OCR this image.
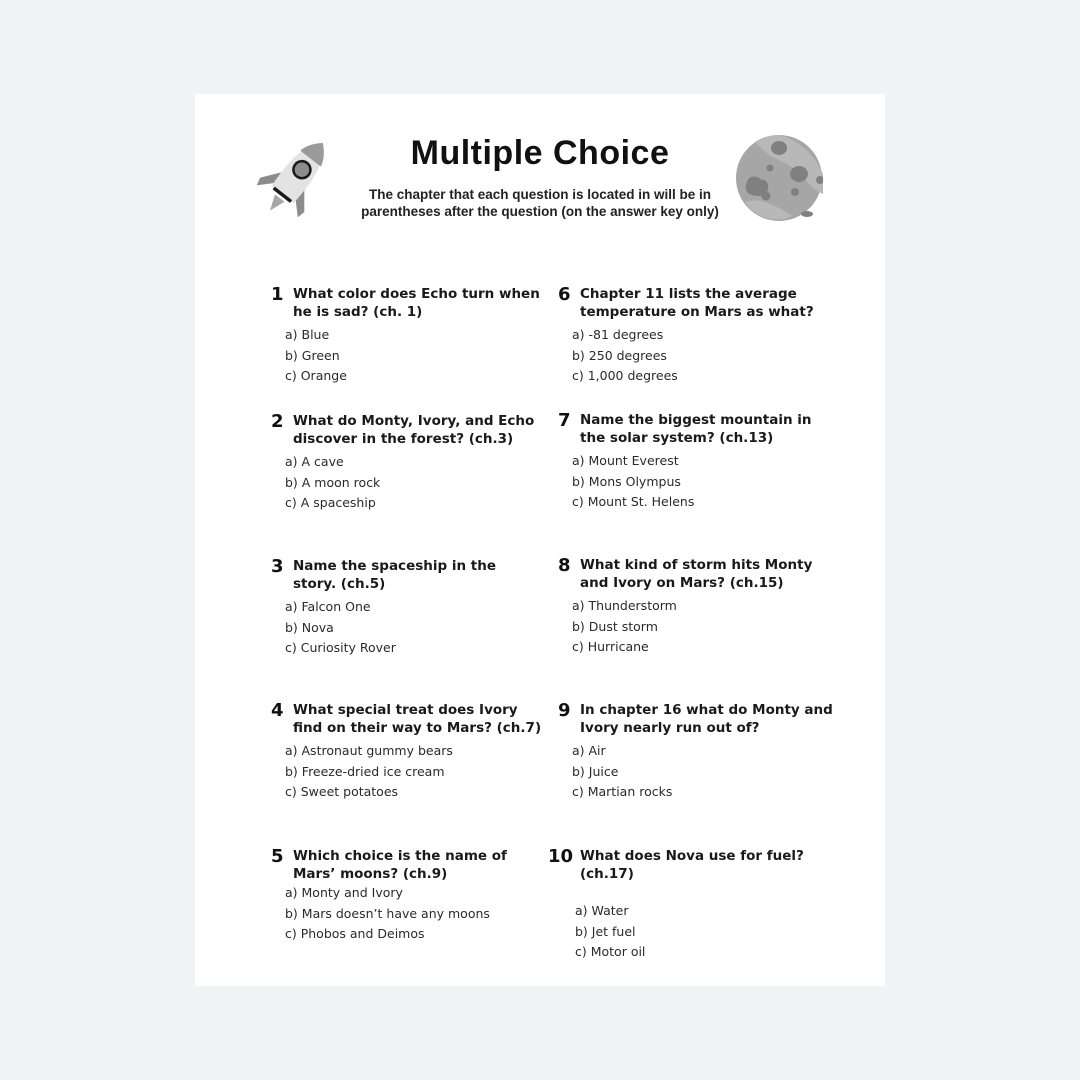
Multiple Choice
The chapter that each question is located in will be in parentheses after the question (on the answer key only)
1 What color does Echo turn when he is sad? (ch. 1)
a) Blue
b) Green
c) Orange
2 What do Monty, Ivory, and Echo discover in the forest? (ch.3)
a) A cave
b) A moon rock
c) A spaceship
3 Name the spaceship in the story. (ch.5)
a) Falcon One
b) Nova
c) Curiosity Rover
4 What special treat does Ivory find on their way to Mars? (ch.7)
a) Astronaut gummy bears
b) Freeze-dried ice cream
c) Sweet potatoes
5 Which choice is the name of Mars’ moons? (ch.9)
a) Monty and Ivory
b) Mars doesn’t have any moons
c) Phobos and Deimos
6 Chapter 11 lists the average temperature on Mars as what?
a) -81 degrees
b) 250 degrees
c) 1,000 degrees
7 Name the biggest mountain in the solar system? (ch.13)
a) Mount Everest
b) Mons Olympus
c) Mount St. Helens
8 What kind of storm hits Monty and Ivory on Mars? (ch.15)
a) Thunderstorm
b) Dust storm
c) Hurricane
9 In chapter 16 what do Monty and Ivory nearly run out of?
a) Air
b) Juice
c) Martian rocks
10 What does Nova use for fuel? (ch.17)
a) Water
b) Jet fuel
c) Motor oil
